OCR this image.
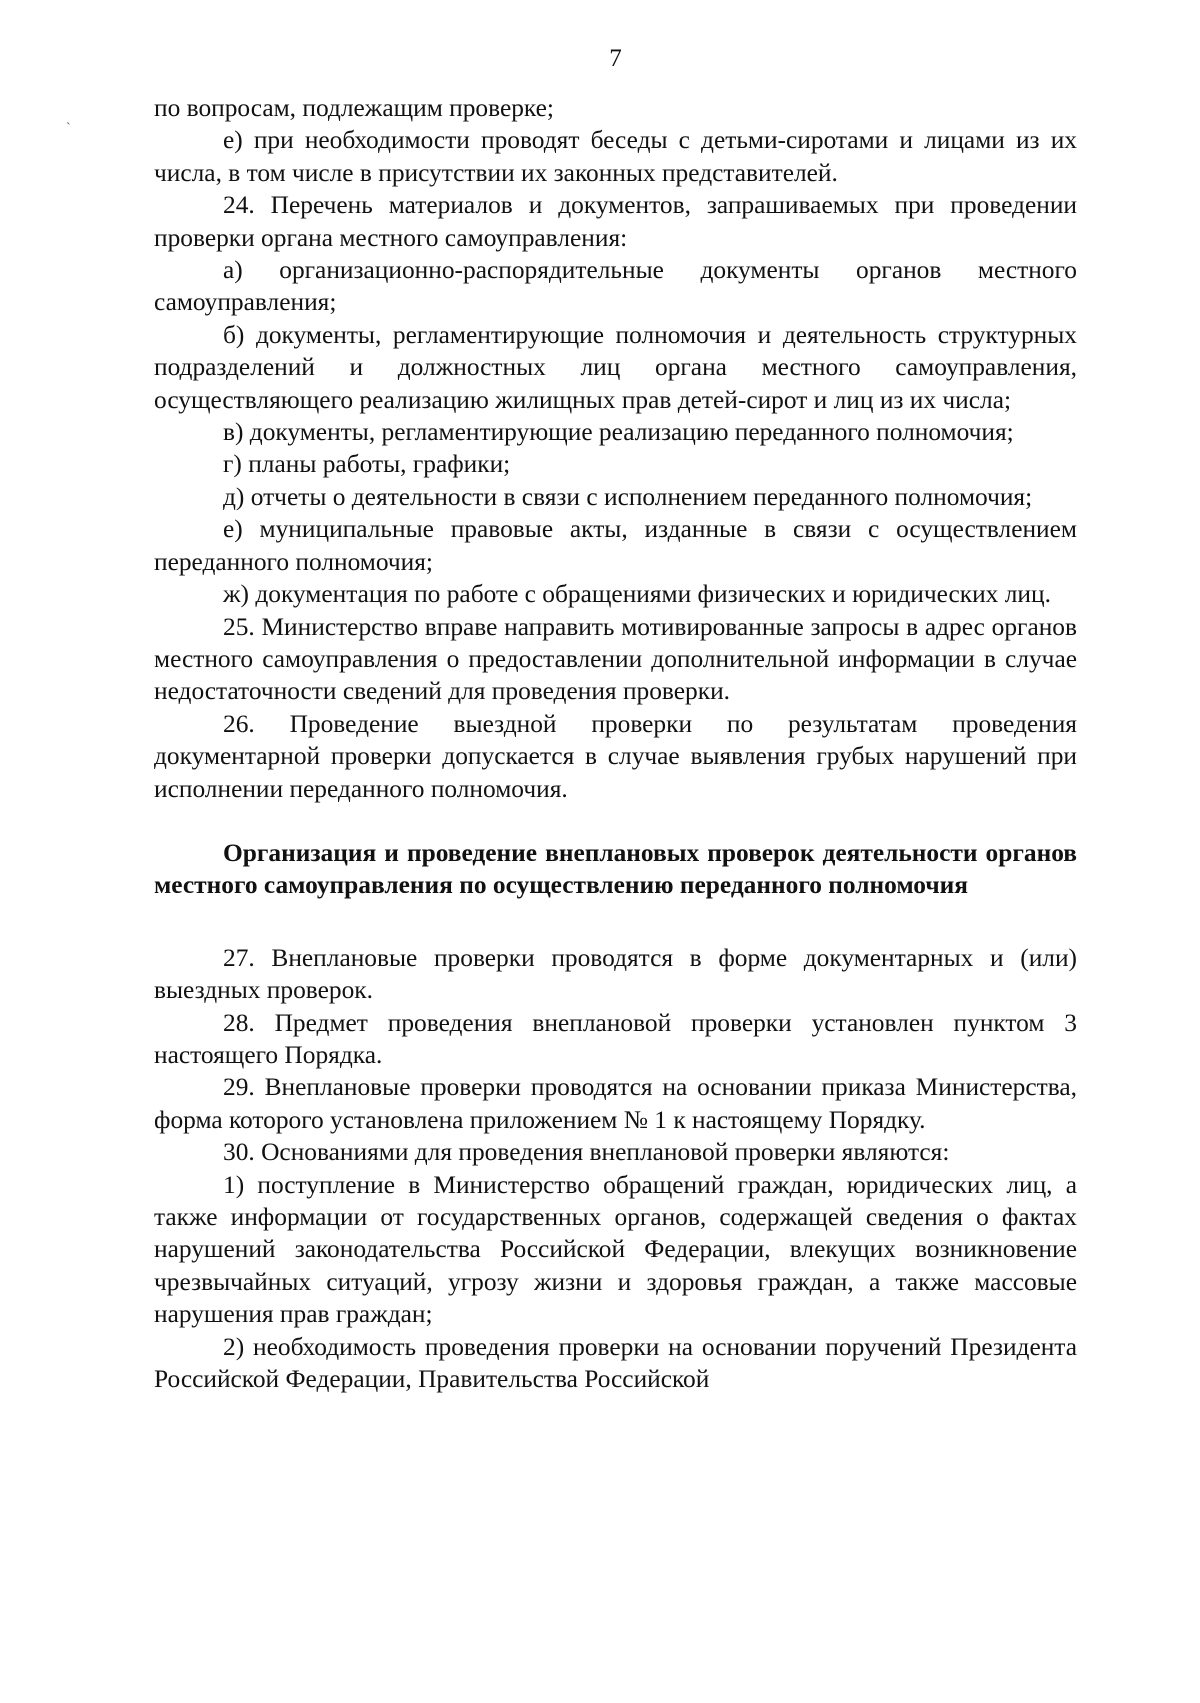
7

по вопросам, подлежащим проверке;

е) при необходимости проводят беседы с детьми-сиротами и лицами из их числа, в том числе в присутствии их законных представителей.

24. Перечень материалов и документов, запрашиваемых при проведении проверки органа местного самоуправления:

а) организационно-распорядительные документы органов местного самоуправления;

б) документы, регламентирующие полномочия и деятельность структурных подразделений и должностных лиц органа местного самоуправления, осуществляющего реализацию жилищных прав детей-сирот и лиц из их числа;

в) документы, регламентирующие реализацию переданного полномочия;

г) планы работы, графики;

д) отчеты о деятельности в связи с исполнением переданного полномочия;

е) муниципальные правовые акты, изданные в связи с осуществлением переданного полномочия;

ж) документация по работе с обращениями физических и юридических лиц.

25. Министерство вправе направить мотивированные запросы в адрес органов местного самоуправления о предоставлении дополнительной информации в случае недостаточности сведений для проведения проверки.

26. Проведение выездной проверки по результатам проведения документарной проверки допускается в случае выявления грубых нарушений при исполнении переданного полномочия.

Организация и проведение внеплановых проверок деятельности органов местного самоуправления по осуществлению переданного полномочия

27. Внеплановые проверки проводятся в форме документарных и (или) выездных проверок.

28. Предмет проведения внеплановой проверки установлен пунктом 3 настоящего Порядка.

29. Внеплановые проверки проводятся на основании приказа Министерства, форма которого установлена приложением № 1 к настоящему Порядку.

30. Основаниями для проведения внеплановой проверки являются:

1) поступление в Министерство обращений граждан, юридических лиц, а также информации от государственных органов, содержащей сведения о фактах нарушений законодательства Российской Федерации, влекущих возникновение чрезвычайных ситуаций, угрозу жизни и здоровья граждан, а также массовые нарушения прав граждан;

2) необходимость проведения проверки на основании поручений Президента Российской Федерации, Правительства Российской

`
